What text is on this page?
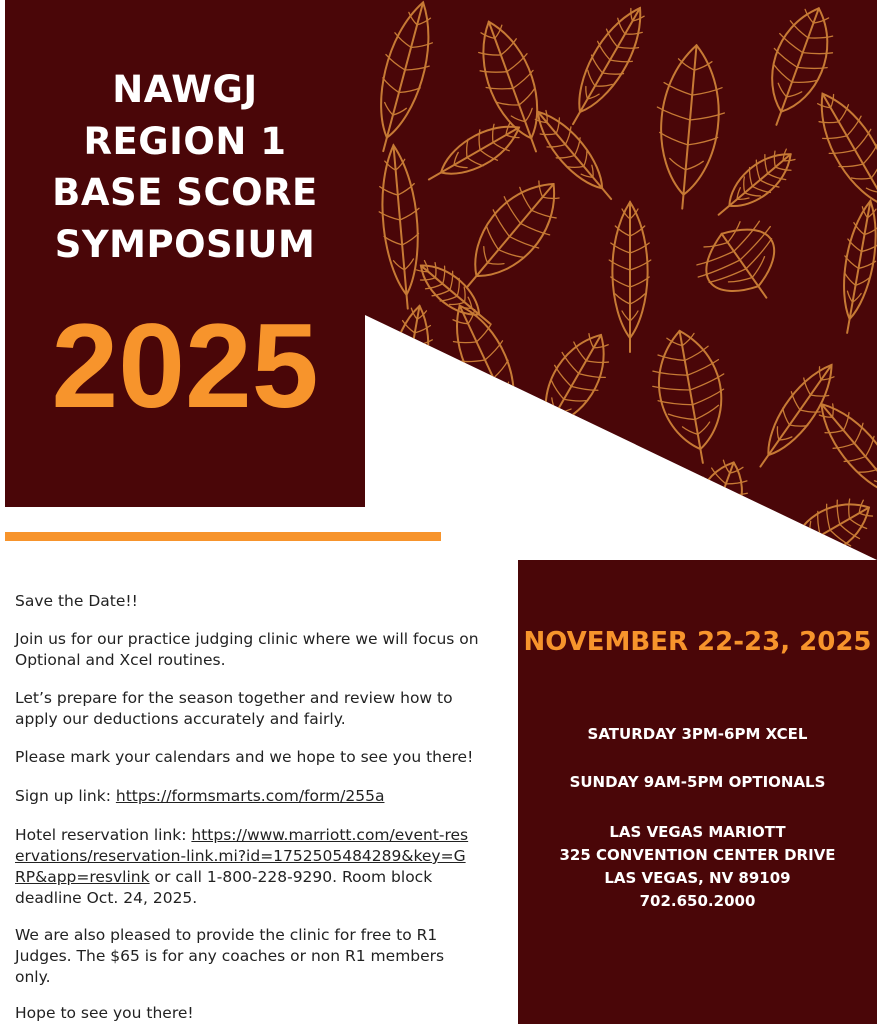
NAWGJ
REGION 1
BASE SCORE
SYMPOSIUM
2025
NOVEMBER 22-23, 2025
SATURDAY 3PM-6PM XCEL
SUNDAY 9AM-5PM OPTIONALS
LAS VEGAS MARIOTT
325 CONVENTION CENTER DRIVE
LAS VEGAS, NV 89109
702.650.2000
Save the Date!!
Join us for our practice judging clinic where we will focus on Optional and Xcel routines.
Let’s prepare for the season together and review how to apply our deductions accurately and fairly.
Please mark your calendars and we hope to see you there!
Sign up link: https://formsmarts.com/form/255a
Hotel reservation link: https://www.marriott.com/event-reservations/reservation-link.mi?id=1752505484289&key=GRP&app=resvlink or call 1-800-228-9290. Room block deadline Oct. 24, 2025.
We are also pleased to provide the clinic for free to R1 Judges. The $65 is for any coaches or non R1 members only.
Hope to see you there!
